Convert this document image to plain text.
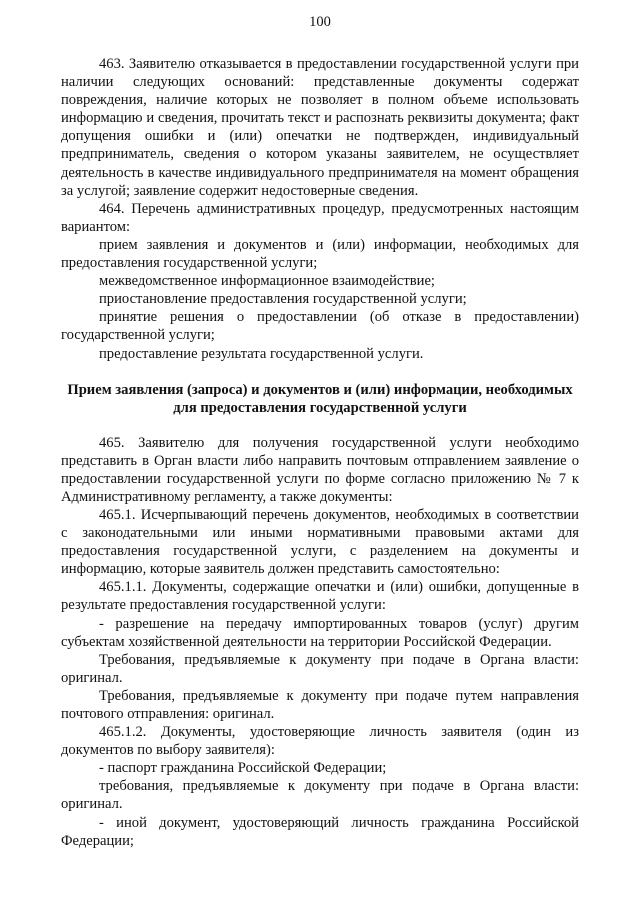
100

463. Заявителю отказывается в предоставлении государственной услуги при наличии следующих оснований: представленные документы содержат повреждения, наличие которых не позволяет в полном объеме использовать информацию и сведения, прочитать текст и распознать реквизиты документа; факт допущения ошибки и (или) опечатки не подтвержден, индивидуальный предприниматель, сведения о котором указаны заявителем, не осуществляет деятельность в качестве индивидуального предпринимателя на момент обращения за услугой; заявление содержит недостоверные сведения.

464. Перечень административных процедур, предусмотренных настоящим вариантом:

прием заявления и документов и (или) информации, необходимых для предоставления государственной услуги;

межведомственное информационное взаимодействие;

приостановление предоставления государственной услуги;

принятие решения о предоставлении (об отказе в предоставлении) государственной услуги;

предоставление результата государственной услуги.

Прием заявления (запроса) и документов и (или) информации, необходимых для предоставления государственной услуги

465. Заявителю для получения государственной услуги необходимо представить в Орган власти либо направить почтовым отправлением заявление о предоставлении государственной услуги по форме согласно приложению № 7 к Административному регламенту, а также документы:

465.1. Исчерпывающий перечень документов, необходимых в соответствии с законодательными или иными нормативными правовыми актами для предоставления государственной услуги, с разделением на документы и информацию, которые заявитель должен представить самостоятельно:

465.1.1. Документы, содержащие опечатки и (или) ошибки, допущенные в результате предоставления государственной услуги:

- разрешение на передачу импортированных товаров (услуг) другим субъектам хозяйственной деятельности на территории Российской Федерации.

Требования, предъявляемые к документу при подаче в Органа власти: оригинал.

Требования, предъявляемые к документу при подаче путем направления почтового отправления: оригинал.

465.1.2. Документы, удостоверяющие личность заявителя (один из документов по выбору заявителя):

- паспорт гражданина Российской Федерации;

требования, предъявляемые к документу при подаче в Органа власти: оригинал.

- иной документ, удостоверяющий личность гражданина Российской Федерации;
